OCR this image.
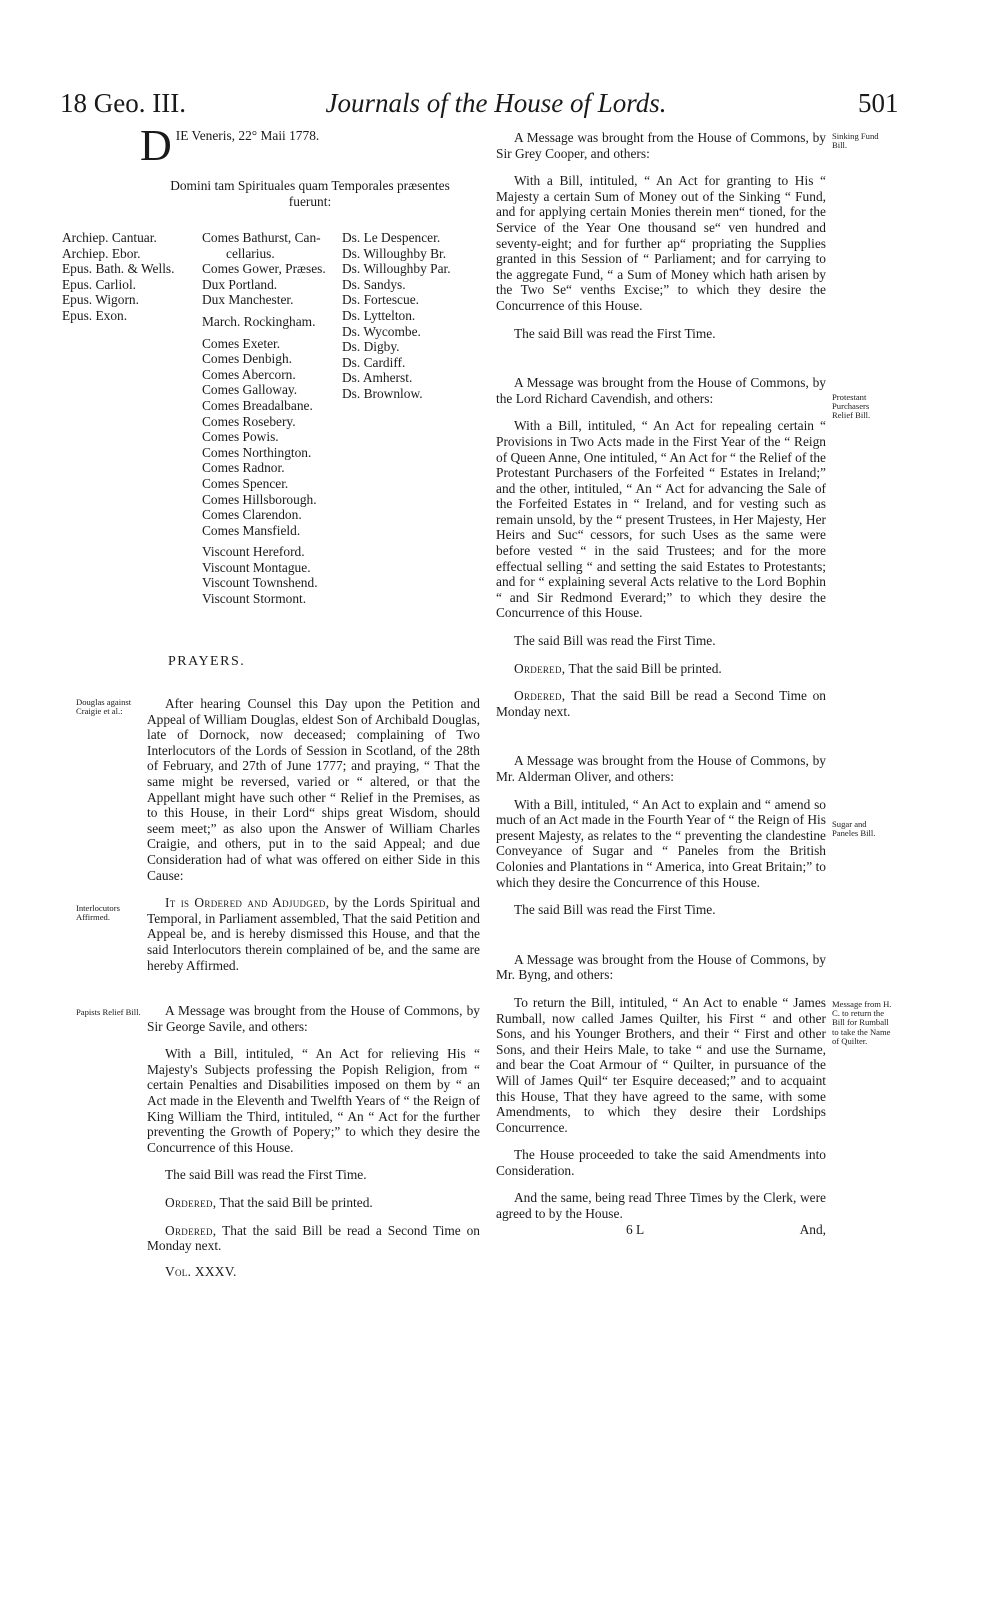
18 Geo. III.	Journals of the House of Lords.	501
D IE Veneris, 22° Maii 1778.
Domini tam Spirituales quam Temporales præsentes
fuerunt:
Archiep. Cantuar.
Archiep. Ebor.
Epus. Bath. & Wells.
Epus. Carliol.
Epus. Wigorn.
Epus. Exon.
Comes Bathurst, Can-
cellarius.
Comes Gower, Præses.
Dux Portland.
Dux Manchester.
March. Rockingham.
Comes Exeter.
Comes Denbigh.
Comes Abercorn.
Comes Galloway.
Comes Breadalbane.
Comes Rosebery.
Comes Powis.
Comes Northington.
Comes Radnor.
Comes Spencer.
Comes Hillsborough.
Comes Clarendon.
Comes Mansfield.
Viscount Hereford.
Viscount Montague.
Viscount Townshend.
Viscount Stormont.
Ds. Le Despencer.
Ds. Willoughby Br.
Ds. Willoughby Par.
Ds. Sandys.
Ds. Fortescue.
Ds. Lyttelton.
Ds. Wycombe.
Ds. Digby.
Ds. Cardiff.
Ds. Amherst.
Ds. Brownlow.
PRAYERS.
Douglas against Craigie et al.:
Interlocutors Affirmed.
Papists Relief Bill.

After hearing Counsel this Day upon the Petition and Appeal of William Douglas, eldest Son of Archibald Douglas, late of Dornock, now deceased; complaining of Two Interlocutors of the Lords of Session in Scotland, of the 28th of February, and 27th of June 1777; and praying, “ That the same might be reversed, varied or “ altered, or that the Appellant might have such other “ Relief in the Premises, as to this House, in their Lord“ ships great Wisdom, should seem meet;” as also upon the Answer of William Charles Craigie, and others, put in to the said Appeal; and due Consideration had of what was offered on either Side in this Cause:

It is Ordered and Adjudged, by the Lords Spiritual and Temporal, in Parliament assembled, That the said Petition and Appeal be, and is hereby dismissed this House, and that the said Interlocutors therein complained of be, and the same are hereby Affirmed.

A Message was brought from the House of Commons, by Sir George Savile, and others:

With a Bill, intituled, “ An Act for relieving His “ Majesty's Subjects professing the Popish Religion, from “ certain Penalties and Disabilities imposed on them by “ an Act made in the Eleventh and Twelfth Years of “ the Reign of King William the Third, intituled, “ An “ Act for the further preventing the Growth of Popery;” to which they desire the Concurrence of this House.

The said Bill was read the First Time.

Ordered, That the said Bill be printed.

Ordered, That the said Bill be read a Second Time on Monday next.

Vol. XXXV.

A Message was brought from the House of Commons, by Sir Grey Cooper, and others:

With a Bill, intituled, “ An Act for granting to His “ Majesty a certain Sum of Money out of the Sinking “ Fund, and for applying certain Monies therein men“ tioned, for the Service of the Year One thousand se“ ven hundred and seventy-eight; and for further ap“ propriating the Supplies granted in this Session of “ Parliament; and for carrying to the aggregate Fund, “ a Sum of Money which hath arisen by the Two Se“ venths Excise;” to which they desire the Concurrence of this House.

The said Bill was read the First Time.

A Message was brought from the House of Commons, by the Lord Richard Cavendish, and others:

With a Bill, intituled, “ An Act for repealing certain “ Provisions in Two Acts made in the First Year of the “ Reign of Queen Anne, One intituled, “ An Act for “ the Relief of the Protestant Purchasers of the Forfeited “ Estates in Ireland;” and the other, intituled, “ An “ Act for advancing the Sale of the Forfeited Estates in “ Ireland, and for vesting such as remain unsold, by the “ present Trustees, in Her Majesty, Her Heirs and Suc“ cessors, for such Uses as the same were before vested “ in the said Trustees; and for the more effectual selling “ and setting the said Estates to Protestants; and for “ explaining several Acts relative to the Lord Bophin “ and Sir Redmond Everard;” to which they desire the Concurrence of this House.

The said Bill was read the First Time.

Ordered, That the said Bill be printed.

Ordered, That the said Bill be read a Second Time on Monday next.

A Message was brought from the House of Commons, by Mr. Alderman Oliver, and others:

With a Bill, intituled, “ An Act to explain and “ amend so much of an Act made in the Fourth Year of “ the Reign of His present Majesty, as relates to the “ preventing the clandestine Conveyance of Sugar and “ Paneles from the British Colonies and Plantations in “ America, into Great Britain;” to which they desire the Concurrence of this House.

The said Bill was read the First Time.

A Message was brought from the House of Commons, by Mr. Byng, and others:

To return the Bill, intituled, “ An Act to enable “ James Rumball, now called James Quilter, his First “ and other Sons, and his Younger Brothers, and their “ First and other Sons, and their Heirs Male, to take “ and use the Surname, and bear the Coat Armour of “ Quilter, in pursuance of the Will of James Quil“ ter Esquire deceased;” and to acquaint this House, That they have agreed to the same, with some Amendments, to which they desire their Lordships Concurrence.

The House proceeded to take the said Amendments into Consideration.

And the same, being read Three Times by the Clerk, were agreed to by the House.

6 L	And,
Sinking Fund Bill.
Protestant Purchasers Relief Bill.
Sugar and Paneles Bill.
Message from H. C. to return the Bill for Rumball to take the Name of Quilter.
